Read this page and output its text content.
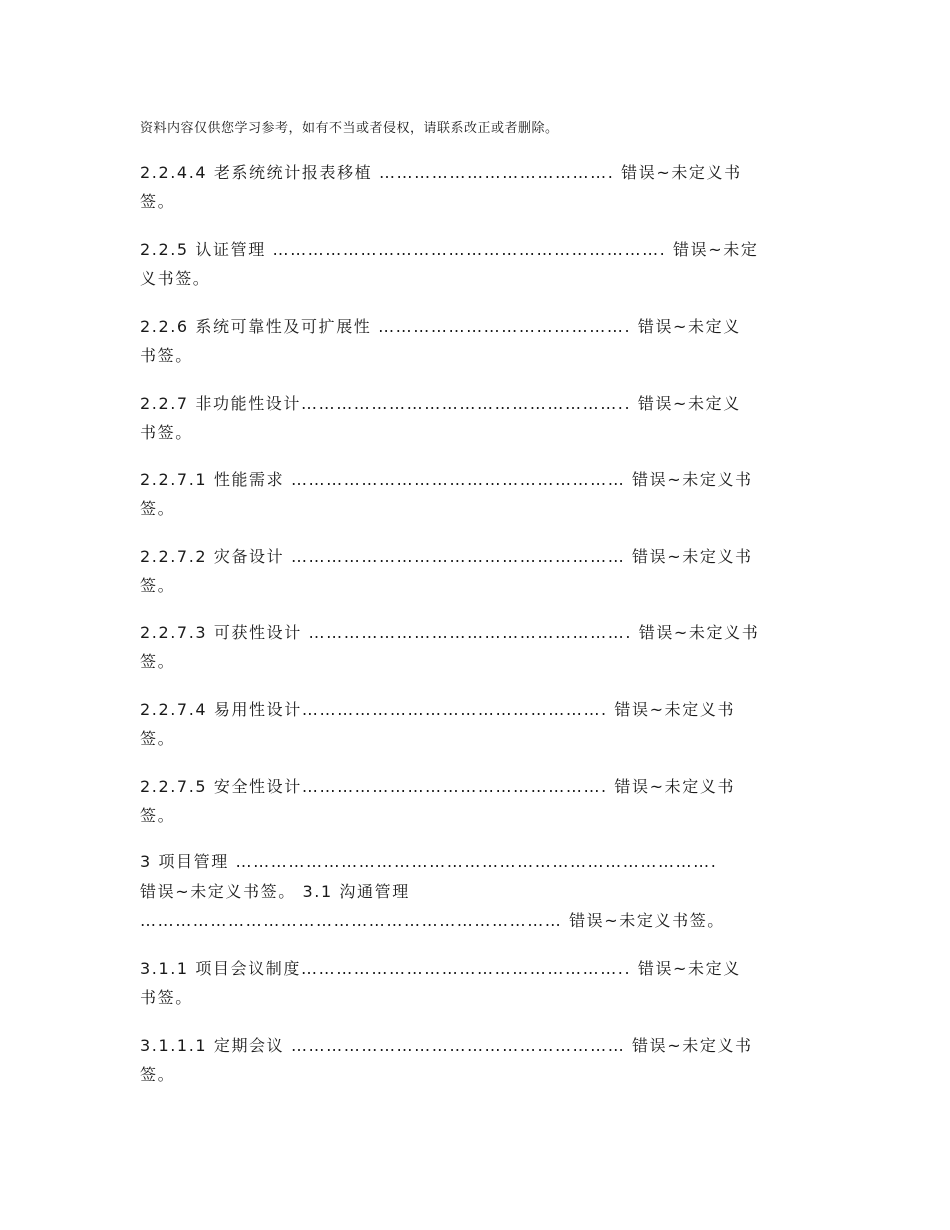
资料内容仅供您学习参考，如有不当或者侵权，请联系改正或者删除。
2.2.4.4 老系统统计报表移植 …………………………………. 错误~未定义书
签。
2.2.5 认证管理 …………………………………………………………. 错误~未定
义书签。
2.2.6 系统可靠性及可扩展性 ……………………………………. 错误~未定义
书签。
2.2.7 非功能性设计……………………………………………….. 错误~未定义
书签。
2.2.7.1 性能需求 ………………………………………………… 错误~未定义书
签。
2.2.7.2 灾备设计 ………………………………………………… 错误~未定义书
签。
2.2.7.3 可获性设计 ………………………………………………. 错误~未定义书
签。
2.2.7.4 易用性设计……………………………………………. 错误~未定义书
签。
2.2.7.5 安全性设计……………………………………………. 错误~未定义书
签。
3 项目管理 ……………………………………………………………………….
错误~未定义书签。 3.1 沟通管理
……………………………………………………………… 错误~未定义书签。
3.1.1 项目会议制度……………………………………………….. 错误~未定义
书签。
3.1.1.1 定期会议 ………………………………………………… 错误~未定义书
签。
